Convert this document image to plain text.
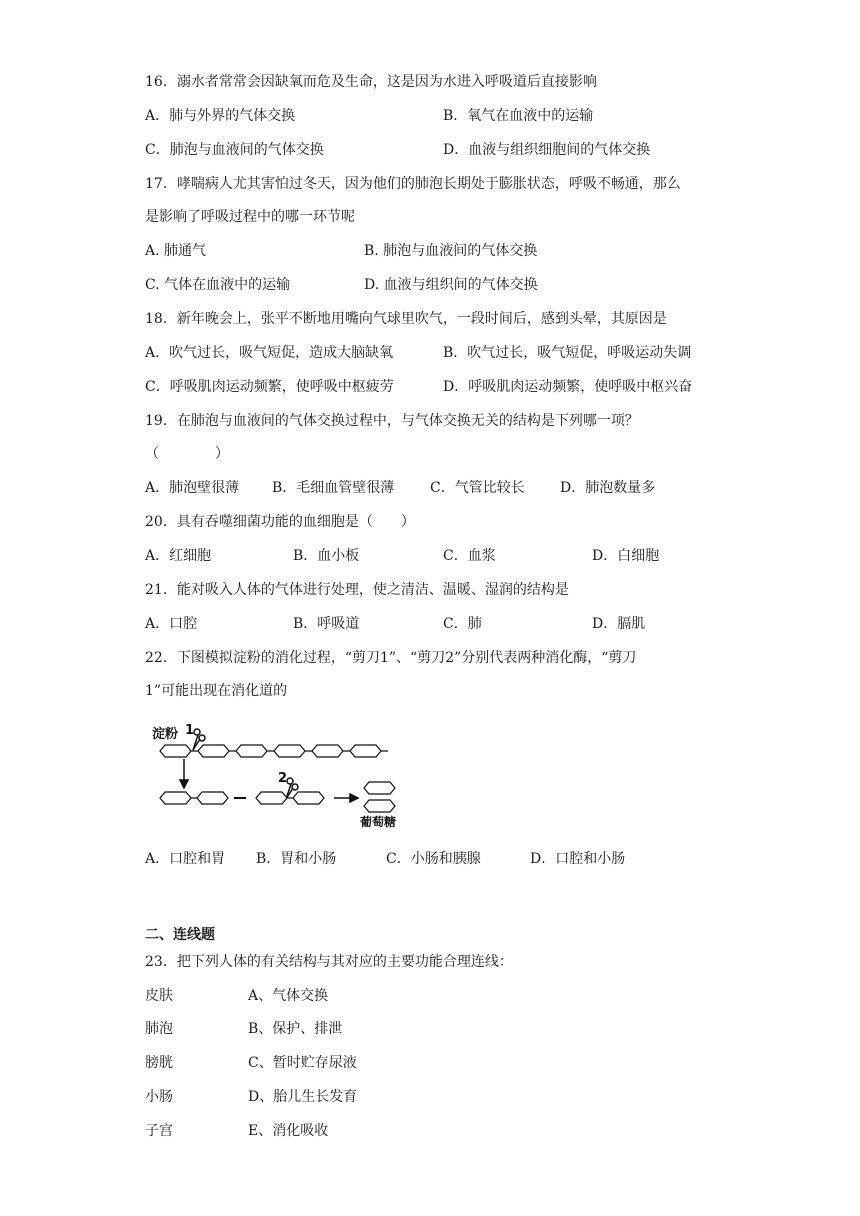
16．溺水者常常会因缺氧而危及生命，这是因为水进入呼吸道后直接影响
A．肺与外界的气体交换	B．氧气在血液中的运输
C．肺泡与血液间的气体交换	D．血液与组织细胞间的气体交换
17．哮喘病人尤其害怕过冬天，因为他们的肺泡长期处于膨胀状态，呼吸不畅通，那么
是影响了呼吸过程中的哪一环节呢
A. 肺通气	B. 肺泡与血液间的气体交换
C. 气体在血液中的运输	D. 血液与组织间的气体交换
18．新年晚会上，张平不断地用嘴向气球里吹气，一段时间后，感到头晕，其原因是
A．吹气过长，吸气短促，造成大脑缺氧	B．吹气过长，吸气短促，呼吸运动失调
C．呼吸肌肉运动频繁，使呼吸中枢疲劳	D．呼吸肌肉运动频繁，使呼吸中枢兴奋
19．在肺泡与血液间的气体交换过程中，与气体交换无关的结构是下列哪一项？
（　　　　）
A．肺泡壁很薄 B．毛细血管壁很薄	C．气管比较长	D．肺泡数量多
20．具有吞噬细菌功能的血细胞是（　　）
A．红细胞	B．血小板	C．血浆	D．白细胞
21．能对吸入人体的气体进行处理，使之清洁、温暖、湿润的结构是
A．口腔	B．呼吸道	C．肺	D．膈肌
22．下图模拟淀粉的消化过程，“剪刀1”、“剪刀2”分别代表两种消化酶，“剪刀
1”可能出现在消化道的
淀粉 1
2
葡萄糖
A．口腔和胃 B．胃和小肠	C．小肠和胰腺	D．口腔和小肠
二、连线题
23．把下列人体的有关结构与其对应的主要功能合理连线：
皮肤	A、气体交换
肺泡	B、保护、排泄
膀胱	C、暂时贮存尿液
小肠	D、胎儿生长发育
子宫	E、消化吸收
